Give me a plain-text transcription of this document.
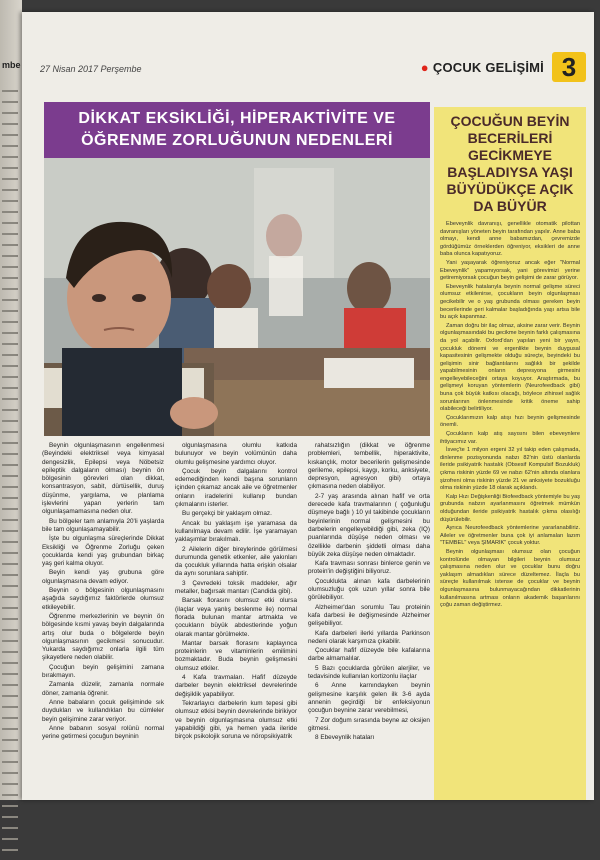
mbe 27 Nisan 2017 Perşembe	● ÇOCUK GELİŞİMİ 3
DİKKAT EKSİKLİĞİ, HİPERAKTİVİTE VE
ÖĞRENME ZORLUĞUNUN NEDENLERİ
ÇOCUĞUN BEYİN BECERİLERİ GECİKMEYE BAŞLADIYSA YAŞI BÜYÜDÜKÇE AÇIK DA BÜYÜR

Ebeveynlik davranışı, genellikle otomatik pilottan davranışları yöneten beyin tarafından yapılır. Anne baba olmayı, kendi anne babamızdan, çevremizde gördüğümüz örneklerden öğreniyor, eksikleri de anne baba olunca kapatıyoruz.

Yani yaşayarak öğreniyoruz ancak eğer "Normal Ebeveynlik" yapamıyorsak, yani görevimizi yerine getiremiyorsak çocuğun beyin gelişimi de zarar görüyor.

Ebeveynlik hatalarıyla beynin normal gelişme süreci olumsuz etkilenirse, çocukların beyin olgunlaşması gecikebilir ve o yaş grubunda olması gereken beyin becerilerinde geri kalmalar başladığında yaşı artsa bile bu açık kapanmaz.

Zaman doğru bir ilaç olmaz, aksine zarar verir. Beynin olgunlaşmasındaki bu gecikme beynin farklı çalışmasına da yol açabilir. Oxford'dan yapılan yeni bir yayın, çocukluk dönemi ve ergenlikte beynin duygusal kapasitesinin gelişmekte olduğu süreçte, beyindeki bu gelişimin sinir bağlantılarını sağlıklı bir şekilde yapabilmesinin onların depresyona girmesini engelleyebileceğini ortaya koyuyor. Araştırmada, bu gelişmeyi koruyan yöntemlerin (Neurofeedback gibi) buna çok büyük katkısı olacağı, böylece zihinsel sağlık sorunlarının önlenmesinde kritik öneme sahip olabileceği belirtiliyor.

Çocuklarımızın kalp atışı hızı beynin gelişmesinde önemli.

Çocukların kalp atış sayısını bilen ebeveynlere ihtiyacımız var.

İsveç'te 1 milyon ergeni 32 yıl takip eden çalışmada, dinlenme pozisyonunda nabzı 82'nin üstü olanlarda ileride psikiyatrik hastalık (Obsesif Kompulsif Bozukluk) çıkma riskinin yüzde 69 ve nabzı 62'nin altında olanlara şizofreni olma riskinin yüzde 21 ve anksiyete bozukluğu olma riskinin yüzde 18 olarak açıklandı.

Kalp Hızı Değişkenliği Biofeedback yöntemiyle bu yaş grubunda nabzın ayarlanmasını öğretmek mümkün olduğundan ileride psikiyatrik hastalık çıkma olasılığı düşürülebilir.

Ayrıca Neurofeedback yöntemlerine yararlanabiliriz. Aileler ve öğretmenler buna çok iyi anlamaları lazım "TEMBEL" veya ŞIMARIK" çocuk yoktur.

Beynin olgunlaşması olumsuz olan çocuğun kontrolünde olmayan bilgileri beynin olumsuz çalışmasına neden olur ve çocuklar bunu doğru yaklaşım almadıkları sürece düzeltemez. İlaçla bu süreçte kullanılmak istense de çocuklar ve beynin olgunlaşmasına bulunmayacağından dikkatlerinin kullanılmasına artması onların akademik başarılarını çoğu zaman değiştirmez.

Beynin olgunlaşmasının engellenmesi (Beyindeki elektriksel veya kimyasal dengesizlik, Epilepsi veya Nöbetsiz epileptik dalgaların olması) beynin ön bölgesinin görevleri olan dikkat, konsantrasyon, sabit, dürtüsellik, duruş düşünme, yargılama, ve planlama işlevlerini yapan yerlerin tam olgunlaşamamasına neden olur.

Bu bölgeler tam anlamıyla 20'li yaşlarda bile tam olgunlaşamayabilir.

İşte bu olgunlaşma süreçlerinde Dikkat Eksikliği ve Öğrenme Zorluğu çeken çocuklarda kendi yaş grubundan birkaç yaş geri kalma oluyor.

Beyin kendi yaş grubuna göre olgunlaşmasına devam ediyor.

Beynin o bölgesinin olgunlaşmasını aşağıda saydığımız faktörlerde olumsuz etkileyebilir.

Öğrenme merkezlerinin ve beynin ön bölgesinde kısmi yavaş beyin dalgalarında artış olur buda o bölgelerde beyin olgunlaşmasının gecikmesi sonucudur. Yukarda saydığımız onlarla ilgili tüm şikayetlere neden olabilir.

Çocuğun beyin gelişimini zamana bırakmayın.

Zamanla düzelir, zamanla normale döner, zamanla öğrenir.

Anne babaların çocuk gelişiminde sık duydukları ve kullandıkları bu cümleler beyin gelişimine zarar veriyor.

Anne babanın sosyal rolünü normal yerine getirmesi çocuğun beyninin

olgunlaşmasına olumlu katkıda bulunuyor ve beyin volümünün daha olumlu gelişmesine yardımcı oluyor.

Çocuk beyin dalgalarını kontrol edemediğinden kendi başına sorunların içinden çıkamaz ancak aile ve öğretmenler onların iradelerini kullanıp bundan çıkmalarını isterler.

Bu gerçekçi bir yaklaşım olmaz.

Ancak bu yaklaşım işe yaramasa da kullanılmaya devam edilir. İşe yaramayan yaklaşımlar bırakılmalı.

2 Ailelerin diğer bireylerinde görülmesi durumunda genetik etkenler, aile yakınları da çocukluk yıllarında hatta erişkin olsalar da aynı sorunlara sahiptir.

3 Çevredeki toksik maddeler, ağır metaller, bağırsak mantarı (Candida gibi).

Barsak florasını olumsuz etki olursa (ilaçlar veya yanlış beslenme ile) normal florada bulunan mantar artmakta ve çocukların büyük abdestlerinde yoğun olarak mantar görülmekte.

Mantar barsak florasını kaplayınca proteinlerin ve vitaminlerin emilimini bozmaktadır. Buda beynin gelişmesini olumsuz etkiler.

4 Kafa travmaları. Hafif düzeyde darbeler beynin elektriksel devrelerinde değişiklik yapabiliyor.

Tekrarlayıcı darbelerin kum tepesi gibi olumsuz etkisi beynin devrelerinde birikiyor ve beynin olgunlaşmasına olumsuz etki yapabildiği gibi, ya hemen yada ileride birçok psikolojik soruna ve nöropsikiyatrik

rahatsızlığın (dikkat ve öğrenme problemleri, tembellik, hiperaktivite, kıskançlık, motor becerilerin gelişmesinde gerileme, epilepsi, kaygı, korku, anksiyete, depresyon, agresyon gibi) ortaya çıkmasına neden olabiliyor.

2-7 yaş arasında alınan hafif ve orta derecede kafa travmalarının ( çoğunluğu düşmeye bağlı ) 10 yıl takibinde çocukların beyinlerinin normal gelişmesini bu darbelerin engelleyebildiği gibi, zeka (IQ) puanlarında düşüşe neden olması ve özellikle darbenin şiddetli olması daha büyük zeka düşüşe neden olmaktadır.

Kafa travması sonrası binlerce genin ve protein'in değiştiğini biliyoruz.

Çocuklukta alınan kafa darbelerinin olumsuzluğu çok uzun yıllar sonra bile görülebiliyor.

Alzheimer'dan sorumlu Tau proteinin kafa darbesi ile değişmesinde Alzheimer gelişebiliyor.

Kafa darbeleri ilerki yıllarda Parkinson nedeni olarak karşımıza çıkabilir.

Çocuklar hafif düzeyde bile kafalarına darbe almamalılar.

5 Bazı çocuklarda görülen alerjiler, ve tedavisinde kullanılan kortizonlu ilaçlar

6 Anne karnındayken beynin gelişmesine karşılık gelen ilk 3-6 ayda annenin geçirdiği bir enfeksiyonun çocuğun beynine zarar verebilmesi,

7 Zor doğum sırasında beyne az oksijen gitmesi.

8 Ebeveynlik hataları
